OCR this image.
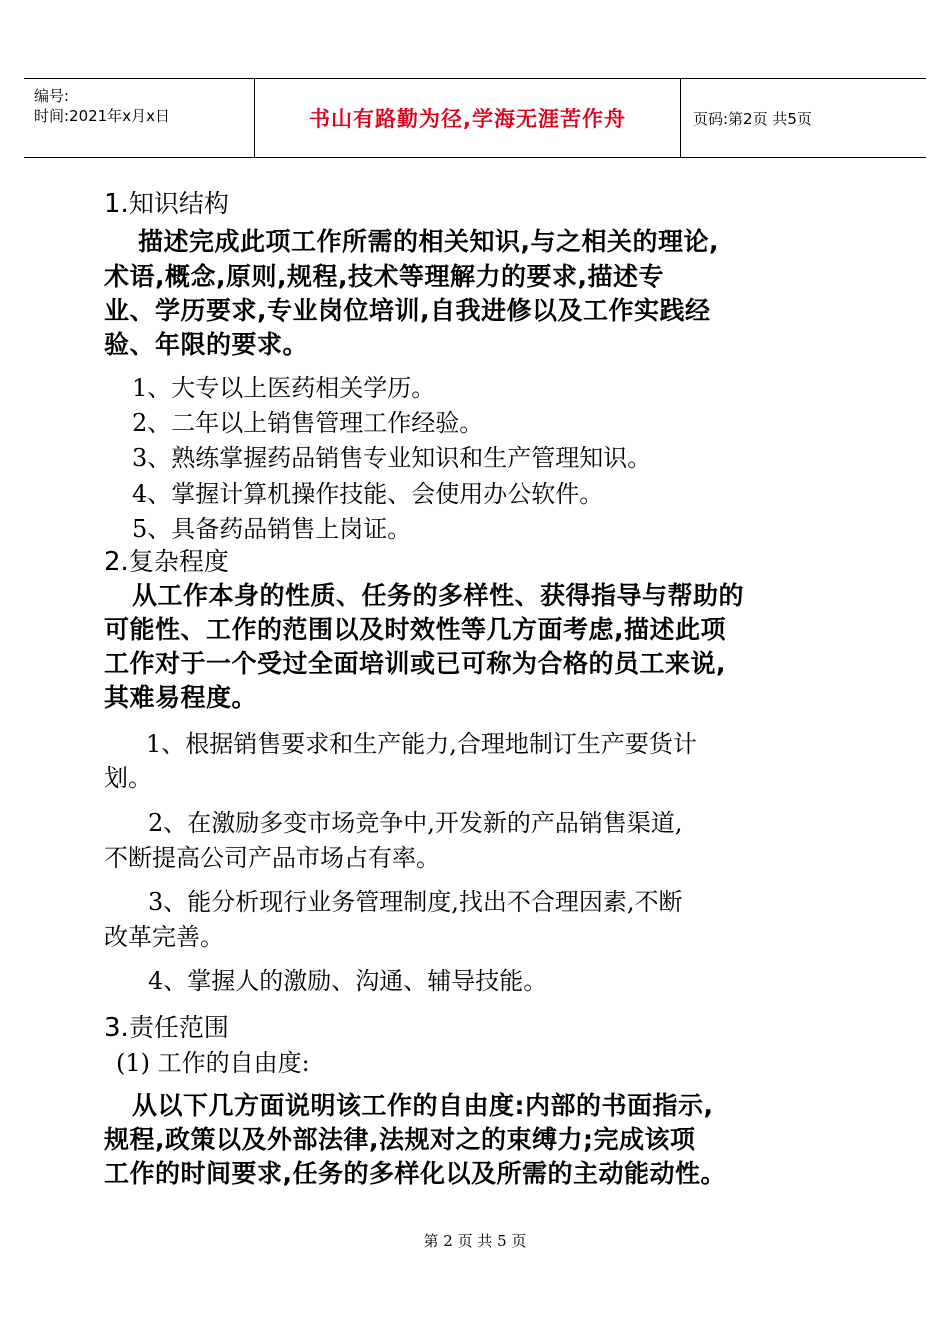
编号:
时间:2021年x月x日	书山有路勤为径,学海无涯苦作舟	页码:第2页 共5页
1.知识结构
描述完成此项工作所需的相关知识,与之相关的理论,
术语,概念,原则,规程,技术等理解力的要求,描述专
业、学历要求,专业岗位培训,自我进修以及工作实践经
验、年限的要求。
1、大专以上医药相关学历。
2、二年以上销售管理工作经验。
3、熟练掌握药品销售专业知识和生产管理知识。
4、掌握计算机操作技能、会使用办公软件。
5、具备药品销售上岗证。
2.复杂程度
从工作本身的性质、任务的多样性、获得指导与帮助的
可能性、工作的范围以及时效性等几方面考虑,描述此项
工作对于一个受过全面培训或已可称为合格的员工来说,
其难易程度。
1、根据销售要求和生产能力,合理地制订生产要货计
划。
2、在激励多变市场竞争中,开发新的产品销售渠道,
不断提高公司产品市场占有率。
3、能分析现行业务管理制度,找出不合理因素,不断
改革完善。
4、掌握人的激励、沟通、辅导技能。
3.责任范围
(1) 工作的自由度:
从以下几方面说明该工作的自由度:内部的书面指示,
规程,政策以及外部法律,法规对之的束缚力;完成该项
工作的时间要求,任务的多样化以及所需的主动能动性。
第 2 页 共 5 页
